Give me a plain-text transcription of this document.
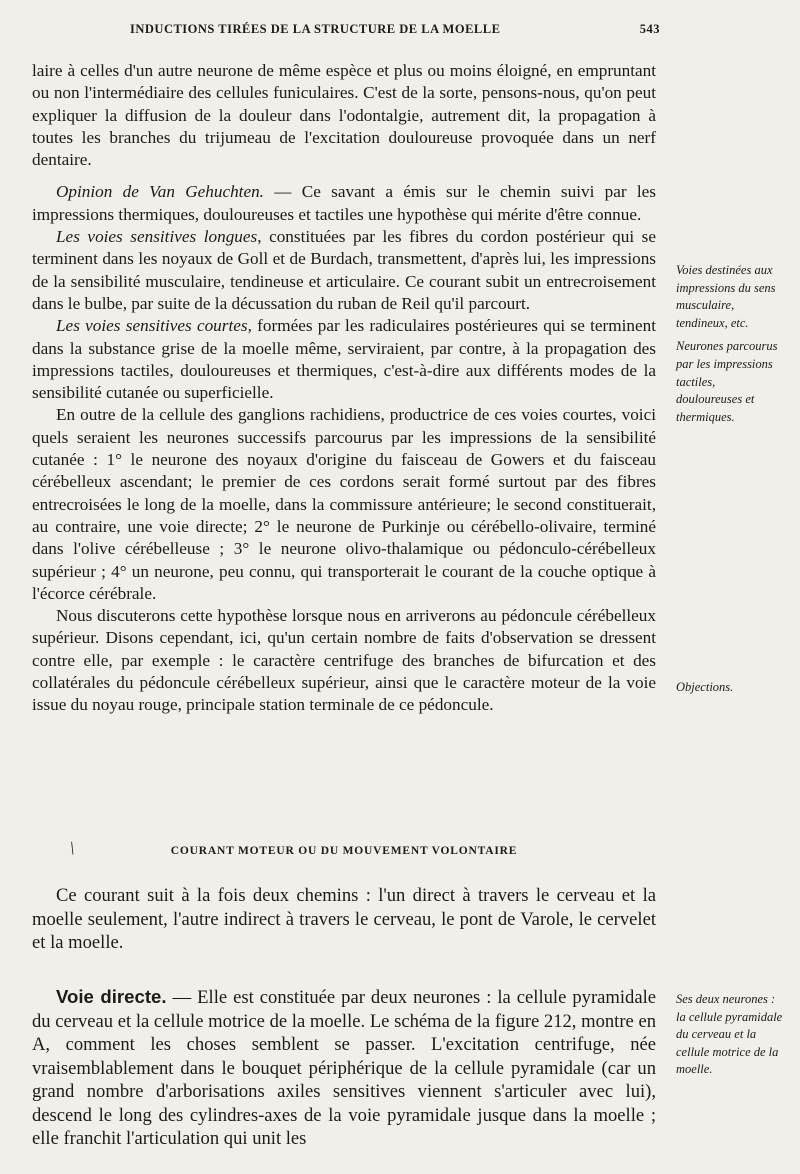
INDUCTIONS TIRÉES DE LA STRUCTURE DE LA MOELLE	543

laire à celles d'un autre neurone de même espèce et plus ou moins éloigné, en empruntant ou non l'intermédiaire des cellules funiculaires. C'est de la sorte, pensons-nous, qu'on peut expliquer la diffusion de la douleur dans l'odontalgie, autrement dit, la propagation à toutes les branches du trijumeau de l'excitation douloureuse provoquée dans un nerf dentaire.

Opinion de Van Gehuchten. — Ce savant a émis sur le chemin suivi par les impressions thermiques, douloureuses et tactiles une hypothèse qui mérite d'être connue.

Les voies sensitives longues, constituées par les fibres du cordon postérieur qui se terminent dans les noyaux de Goll et de Burdach, transmettent, d'après lui, les impressions de la sensibilité musculaire, tendineuse et articulaire. Ce courant subit un entrecroisement dans le bulbe, par suite de la décussation du ruban de Reil qu'il parcourt.

Les voies sensitives courtes, formées par les radiculaires postérieures qui se terminent dans la substance grise de la moelle même, serviraient, par contre, à la propagation des impressions tactiles, douloureuses et thermiques, c'est-à-dire aux différents modes de la sensibilité cutanée ou superficielle.

En outre de la cellule des ganglions rachidiens, productrice de ces voies courtes, voici quels seraient les neurones successifs parcourus par les impressions de la sensibilité cutanée : 1° le neurone des noyaux d'origine du faisceau de Gowers et du faisceau cérébelleux ascendant; le premier de ces cordons serait formé surtout par des fibres entrecroisées le long de la moelle, dans la commissure antérieure; le second constituerait, au contraire, une voie directe; 2° le neurone de Purkinje ou cérébello-olivaire, terminé dans l'olive cérébelleuse ; 3° le neurone olivo-thalamique ou pédonculo-cérébelleux supérieur ; 4° un neurone, peu connu, qui transporterait le courant de la couche optique à l'écorce cérébrale.

Nous discuterons cette hypothèse lorsque nous en arriverons au pédoncule cérébelleux supérieur. Disons cependant, ici, qu'un certain nombre de faits d'observation se dressent contre elle, par exemple : le caractère centrifuge des branches de bifurcation et des collatérales du pédoncule cérébelleux supérieur, ainsi que le caractère moteur de la voie issue du noyau rouge, principale station terminale de ce pédoncule.

/	COURANT MOTEUR OU DU MOUVEMENT VOLONTAIRE

Ce courant suit à la fois deux chemins : l'un direct à travers le cerveau et la moelle seulement, l'autre indirect à travers le cerveau, le pont de Varole, le cervelet et la moelle.

Voie directe. — Elle est constituée par deux neurones : la cellule pyramidale du cerveau et la cellule motrice de la moelle. Le schéma de la figure 212, montre en A, comment les choses semblent se passer. L'excitation centrifuge, née vraisemblablement dans le bouquet périphérique de la cellule pyramidale (car un grand nombre d'arborisations axiles sensitives viennent s'articuler avec lui), descend le long des cylindres-axes de la voie pyramidale jusque dans la moelle ; elle franchit l'articulation qui unit les

Voies destinées aux impressions du sens musculaire, tendineux, etc.
Neurones parcourus par les impressions tactiles, douloureuses et thermiques.
Objections.
Ses deux neurones : la cellule pyramidale du cerveau et la cellule motrice de la moelle.
